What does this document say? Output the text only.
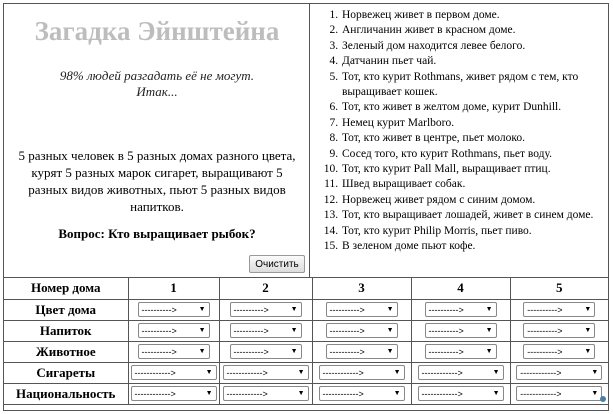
Загадка Эйнштейна
98% людей разгадать её не могут.
Итак...
5 разных человек в 5 разных домах разного цвета, курят 5 разных марок сигарет, выращивают 5 разных видов животных, пьют 5 разных видов напитков.
Вопрос: Кто выращивает рыбок?
Очистить
1. Норвежец живет в первом доме.
2. Англичанин живет в красном доме.
3. Зеленый дом находится левее белого.
4. Датчанин пьет чай.
5. Тот, кто курит Rothmans, живет рядом с тем, кто выращивает кошек.
6. Тот, кто живет в желтом доме, курит Dunhill.
7. Немец курит Marlboro.
8. Тот, кто живет в центре, пьет молоко.
9. Сосед того, кто курит Rothmans, пьет воду.
10. Тот, кто курит Pall Mall, выращивает птиц.
11. Швед выращивает собак.
12. Норвежец живет рядом с синим домом.
13. Тот, кто выращивает лошадей, живет в синем доме.
14. Тот, кто курит Philip Morris, пьет пиво.
15. В зеленом доме пьют кофе.
Номер дома	1	2	3	4	5
Цвет дома	----------> ▼	----------> ▼	----------> ▼	----------> ▼	----------> ▼

Напиток	----------> ▼	----------> ▼	----------> ▼	----------> ▼	----------> ▼

Животное	----------> ▼	----------> ▼	----------> ▼	----------> ▼	----------> ▼

Сигареты	------------> ▼	------------> ▼	------------> ▼	------------> ▼	------------> ▼

Национальность	------------> ▼	------------> ▼	------------> ▼	------------> ▼	------------> ▼
